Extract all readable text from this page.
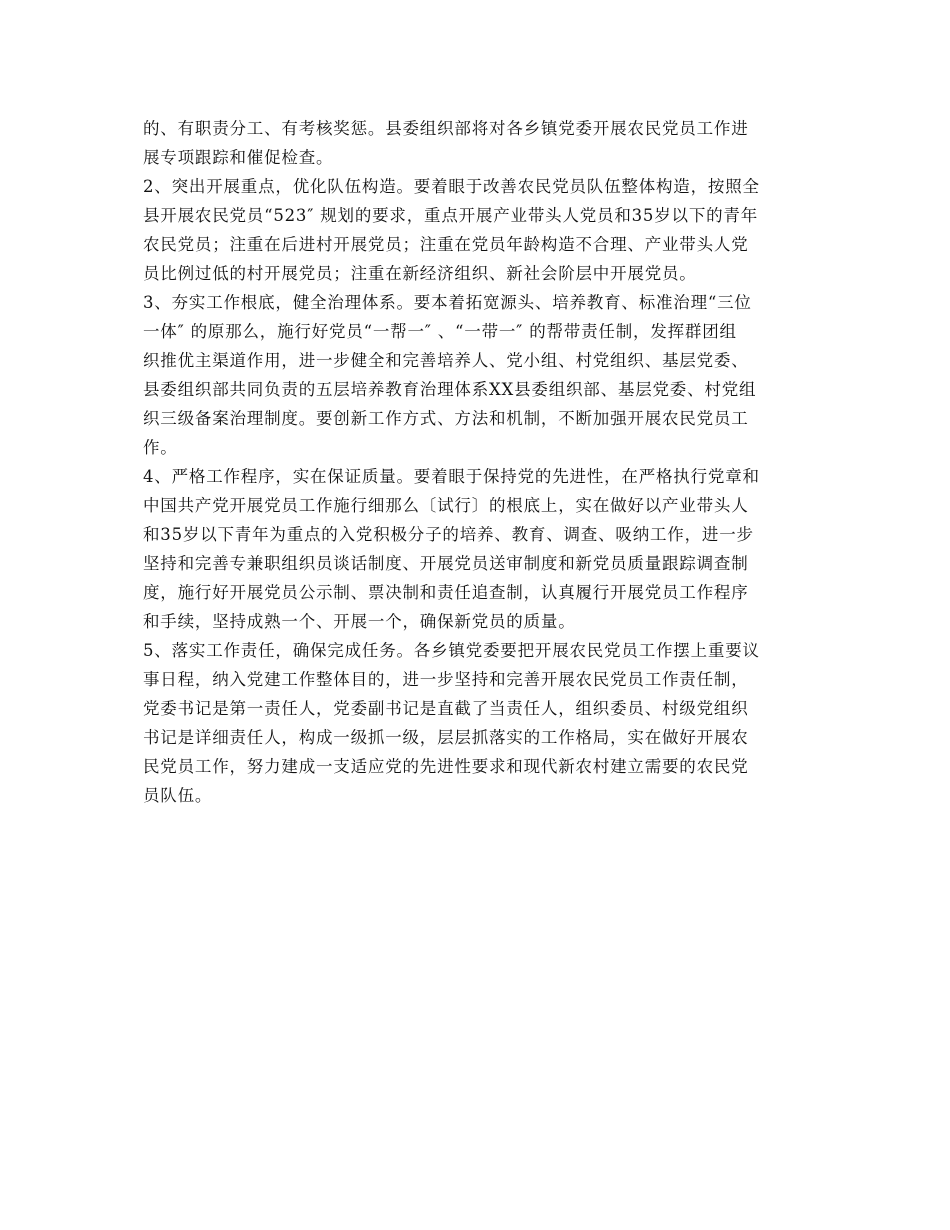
的、有职责分工、有考核奖惩。县委组织部将对各乡镇党委开展农民党员工作进
展专项跟踪和催促检查。

2、突出开展重点，优化队伍构造。要着眼于改善农民党员队伍整体构造，按照全
县开展农民党员“523″ 规划的要求，重点开展产业带头人党员和35岁以下的青年
农民党员；注重在后进村开展党员；注重在党员年龄构造不合理、产业带头人党
员比例过低的村开展党员；注重在新经济组织、新社会阶层中开展党员。

3、夯实工作根底，健全治理体系。要本着拓宽源头、培养教育、标准治理“三位
一体″ 的原那么，施行好党员“一帮一″ 、“一带一″ 的帮带责任制，发挥群团组
织推优主渠道作用，进一步健全和完善培养人、党小组、村党组织、基层党委、
县委组织部共同负责的五层培养教育治理体系XX县委组织部、基层党委、村党组
织三级备案治理制度。要创新工作方式、方法和机制，不断加强开展农民党员工
作。

4、严格工作程序，实在保证质量。要着眼于保持党的先进性，在严格执行党章和
中国共产党开展党员工作施行细那么〔试行〕的根底上，实在做好以产业带头人
和35岁以下青年为重点的入党积极分子的培养、教育、调查、吸纳工作，进一步
坚持和完善专兼职组织员谈话制度、开展党员送审制度和新党员质量跟踪调查制
度，施行好开展党员公示制、票决制和责任追查制，认真履行开展党员工作程序
和手续，坚持成熟一个、开展一个，确保新党员的质量。

5、落实工作责任，确保完成任务。各乡镇党委要把开展农民党员工作摆上重要议
事日程，纳入党建工作整体目的，进一步坚持和完善开展农民党员工作责任制，
党委书记是第一责任人，党委副书记是直截了当责任人，组织委员、村级党组织
书记是详细责任人，构成一级抓一级，层层抓落实的工作格局，实在做好开展农
民党员工作，努力建成一支适应党的先进性要求和现代新农村建立需要的农民党
员队伍。
